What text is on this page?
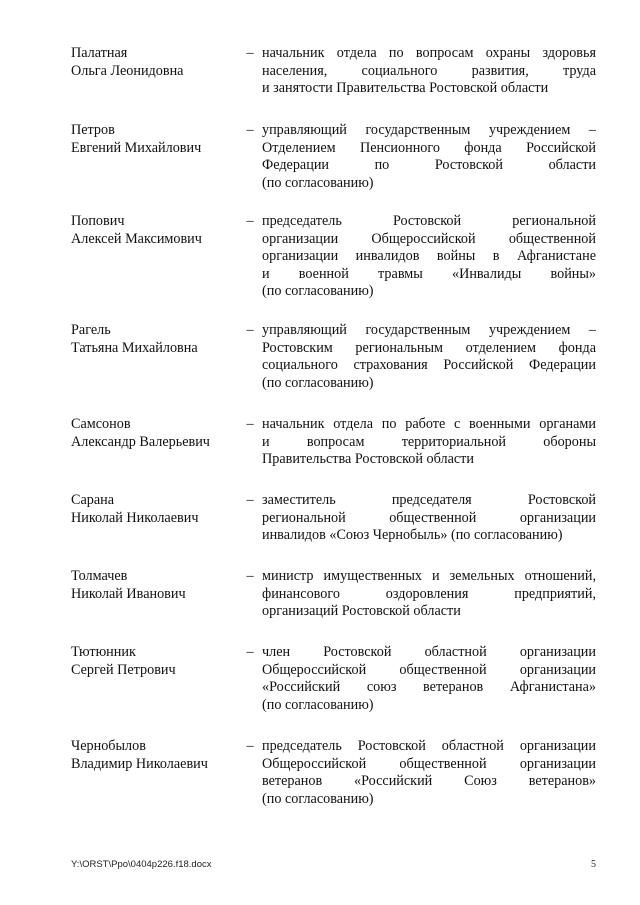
Палатная
Ольга Леонидовна
– начальник отдела по вопросам охраны здоровья
населения, социального развития, труда
и занятости Правительства Ростовской области
Петров
Евгений Михайлович
– управляющий государственным учреждением –
Отделением Пенсионного фонда Российской
Федерации по Ростовской области
(по согласованию)
Попович
Алексей Максимович
– председатель Ростовской региональной
организации Общероссийской общественной
организации инвалидов войны в Афганистане
и военной травмы «Инвалиды войны»
(по согласованию)
Рагель
Татьяна Михайловна
– управляющий государственным учреждением –
Ростовским региональным отделением фонда
социального страхования Российской Федерации
(по согласованию)
Самсонов
Александр Валерьевич
– начальник отдела по работе с военными органами
и вопросам территориальной обороны
Правительства Ростовской области
Сарана
Николай Николаевич
– заместитель председателя Ростовской
региональной общественной организации
инвалидов «Союз Чернобыль» (по согласованию)
Толмачев
Николай Иванович
– министр имущественных и земельных отношений,
финансового оздоровления предприятий,
организаций Ростовской области
Тютюнник
Сергей Петрович
– член Ростовской областной организации
Общероссийской общественной организации
«Российский союз ветеранов Афганистана»
(по согласованию)
Чернобылов
Владимир Николаевич
– председатель Ростовской областной организации
Общероссийской общественной организации
ветеранов «Российский Союз ветеранов»
(по согласованию)
Y:\ORST\Ppo\0404p226.f18.docx	5
